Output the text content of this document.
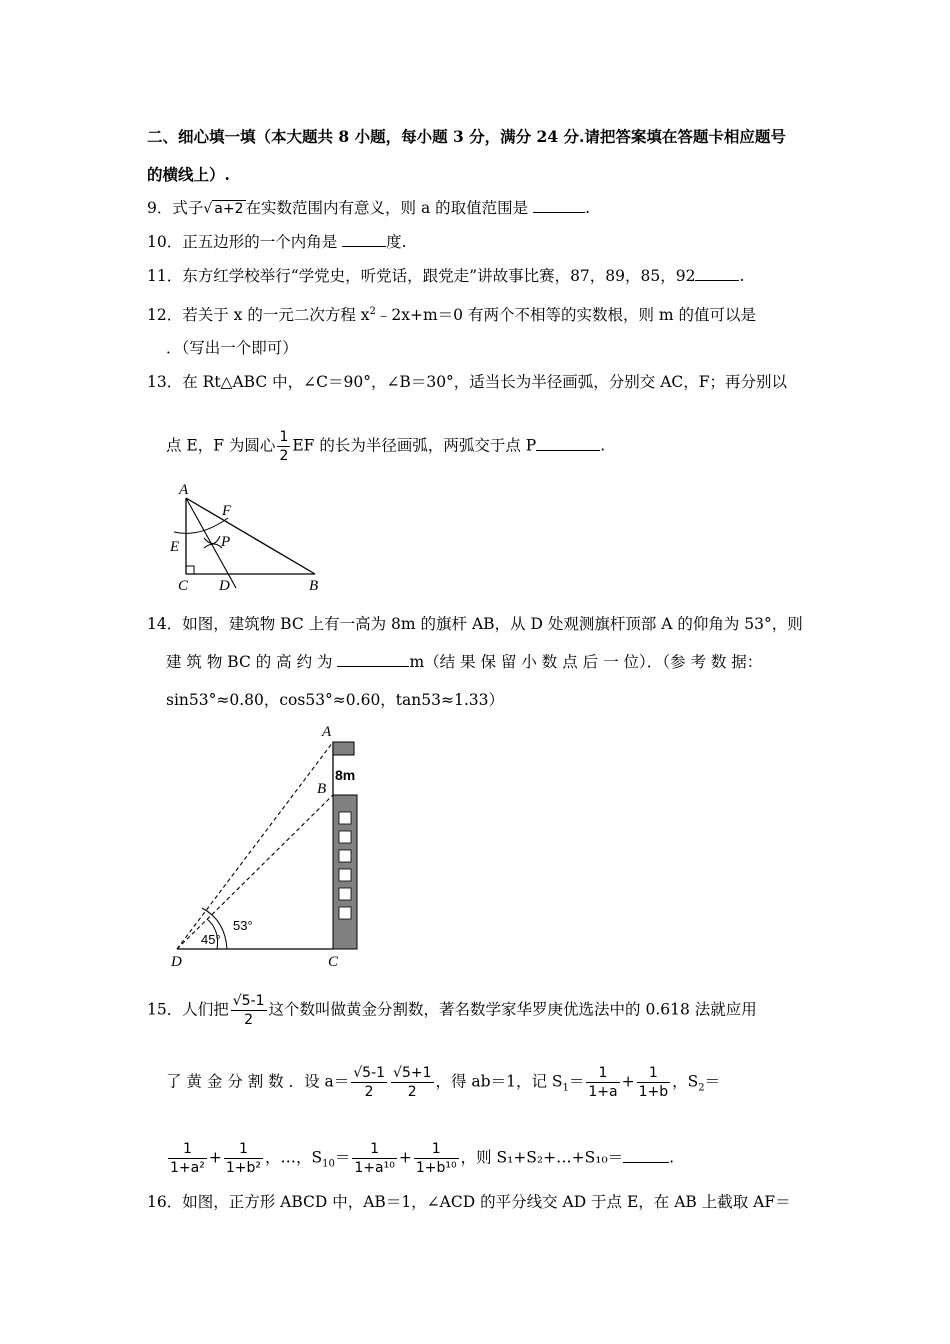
二、细心填一填（本大题共 8 小题，每小题 3 分，满分 24 分.请把答案填在答题卡相应题号
的横线上）.
9．式子√ a+2 在实数范围内有意义，则 a 的取值范围是	.
10．正五边形的一个内角是	度.
11．东方红学校举行“学党史，听党话，跟党走”讲故事比赛，87，89，85，92	.
12．若关于 x 的一元二次方程 $x^2﹣2x+m=0$ 有两个不相等的实数根，则 m 的值可以是
．（写出一个即可）
13．在 Rt△ABC 中，∠C＝90°，∠B＝30°，适当长为半径画弧，分别交 AC，F；再分别以
点 E，F 为圆心 $\frac{1}{2}$ EF 的长为半径画弧，两弧交于点 P	.
A
F
P
E
C D	B
14．如图，建筑物 BC 上有一高为 8m 的旗杆 AB，从 D 处观测旗杆顶部 A 的仰角为 53°，则
建 筑 物 BC 的 高 约 为	m（结 果 保 留 小 数 点 后 一 位）．（参 考 数 据：
sin53°≈0.80，cos53°≈0.60，tan53≈1.33）
A
8m
B
53°
45°
D	C
15．人们把 $\frac{√5-1}{2}$ 这个数叫做黄金分割数，著名数学家华罗庚优选法中的 0.618 法就应用
了 黄 金 分 割 数 ．设 $a= \frac{√5-1}{2} \frac{√5+1}{2}$ ，得 ab＝1，记 $S_1= \frac{1}{1+a} + \frac{1}{1+b}$ ，$S_2=$
$\frac{1}{\text{1+a²}} + \frac{1}{\text{1+b²}}$ ，…，$S_{10}= \frac{1}{\text{1+a¹⁰}} + \frac{1}{\text{1+b¹⁰}}$ ，则 S₁+S₂+…+S₁₀＝	.
16．如图，正方形 ABCD 中，AB＝1，∠ACD 的平分线交 AD 于点 E，在 AB 上截取 AF＝
